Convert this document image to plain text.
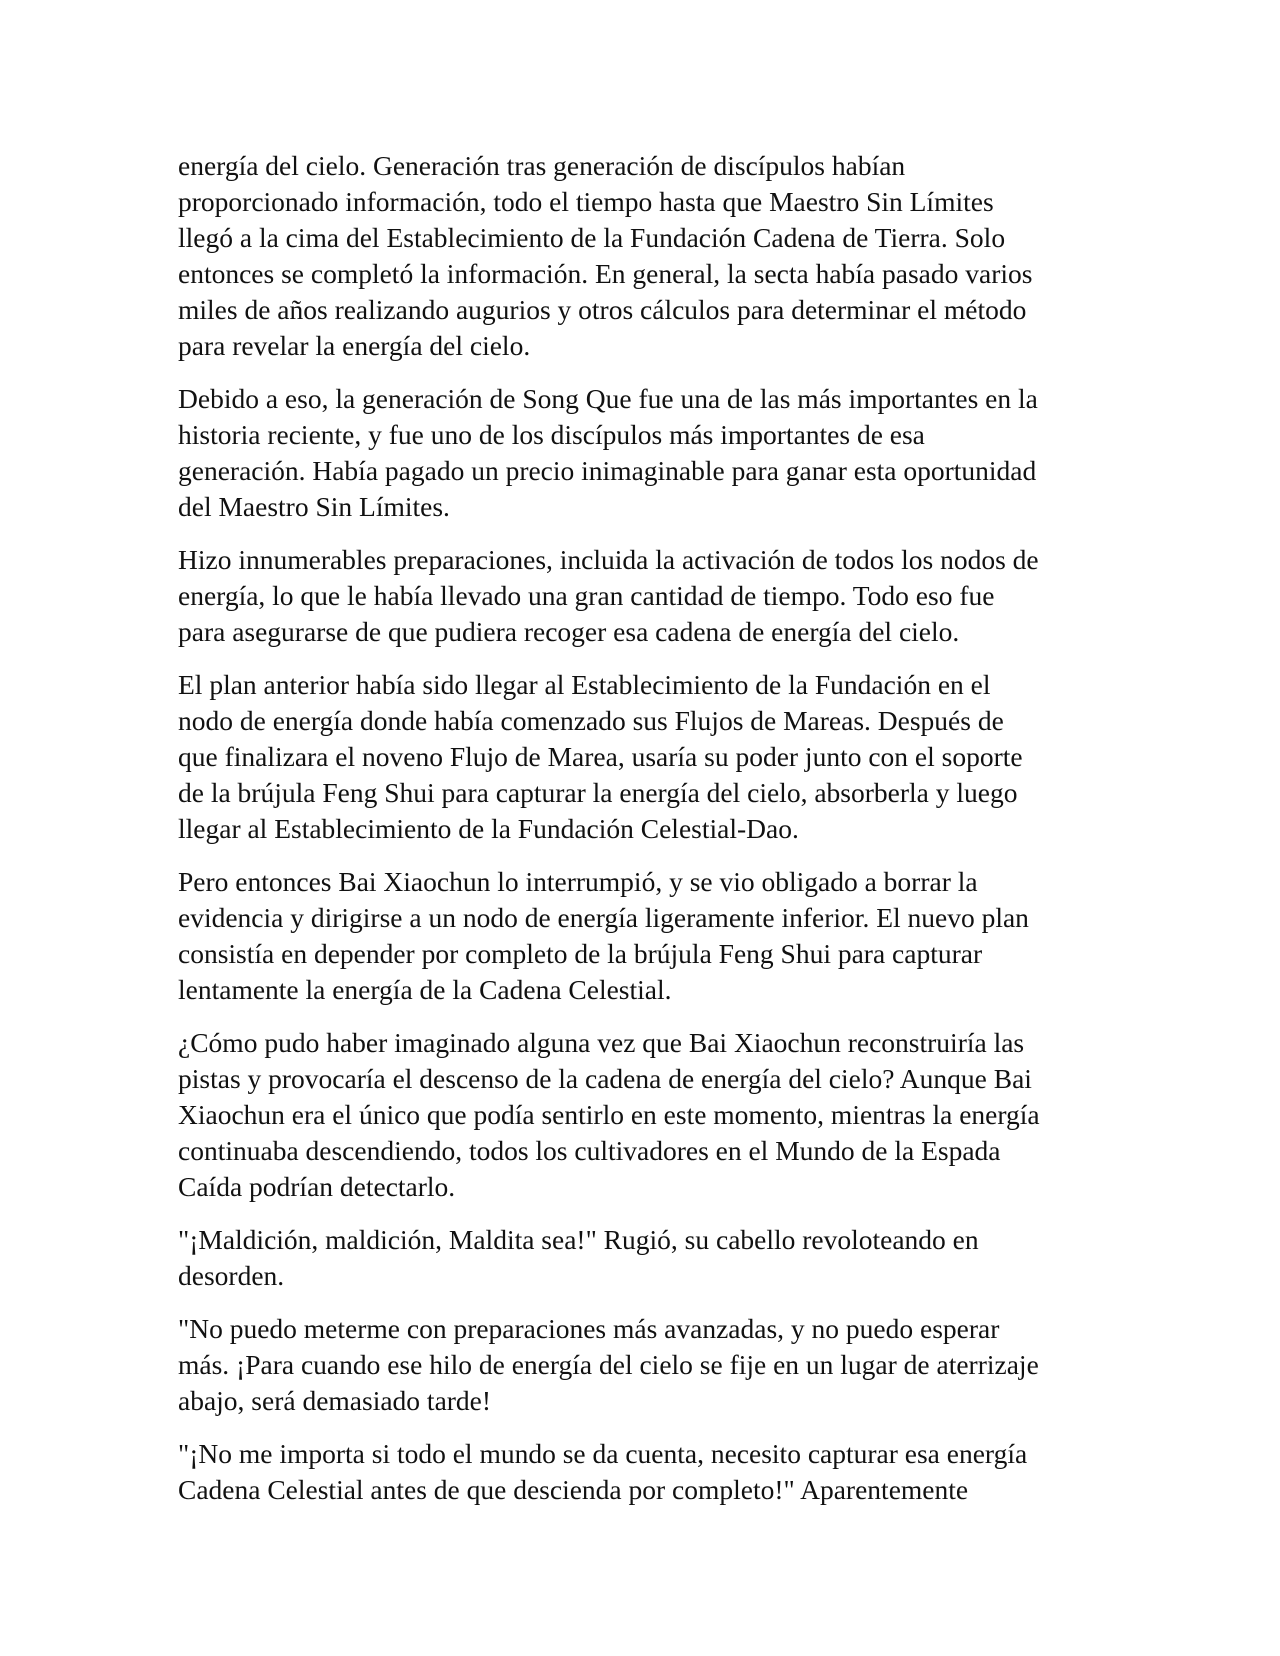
energía del cielo. Generación tras generación de discípulos habían
proporcionado información, todo el tiempo hasta que Maestro Sin Límites
llegó a la cima del Establecimiento de la Fundación Cadena de Tierra. Solo
entonces se completó la información. En general, la secta había pasado varios
miles de años realizando augurios y otros cálculos para determinar el método
para revelar la energía del cielo.
Debido a eso, la generación de Song Que fue una de las más importantes en la
historia reciente, y fue uno de los discípulos más importantes de esa
generación. Había pagado un precio inimaginable para ganar esta oportunidad
del Maestro Sin Límites.
Hizo innumerables preparaciones, incluida la activación de todos los nodos de
energía, lo que le había llevado una gran cantidad de tiempo. Todo eso fue
para asegurarse de que pudiera recoger esa cadena de energía del cielo.
El plan anterior había sido llegar al Establecimiento de la Fundación en el
nodo de energía donde había comenzado sus Flujos de Mareas. Después de
que finalizara el noveno Flujo de Marea, usaría su poder junto con el soporte
de la brújula Feng Shui para capturar la energía del cielo, absorberla y luego
llegar al Establecimiento de la Fundación Celestial-Dao.
Pero entonces Bai Xiaochun lo interrumpió, y se vio obligado a borrar la
evidencia y dirigirse a un nodo de energía ligeramente inferior. El nuevo plan
consistía en depender por completo de la brújula Feng Shui para capturar
lentamente la energía de la Cadena Celestial.
¿Cómo pudo haber imaginado alguna vez que Bai Xiaochun reconstruiría las
pistas y provocaría el descenso de la cadena de energía del cielo? Aunque Bai
Xiaochun era el único que podía sentirlo en este momento, mientras la energía
continuaba descendiendo, todos los cultivadores en el Mundo de la Espada
Caída podrían detectarlo.
"¡Maldición, maldición, Maldita sea!" Rugió, su cabello revoloteando en
desorden.
"No puedo meterme con preparaciones más avanzadas, y no puedo esperar
más. ¡Para cuando ese hilo de energía del cielo se fije en un lugar de aterrizaje
abajo, será demasiado tarde!
"¡No me importa si todo el mundo se da cuenta, necesito capturar esa energía
Cadena Celestial antes de que descienda por completo!" Aparentemente
